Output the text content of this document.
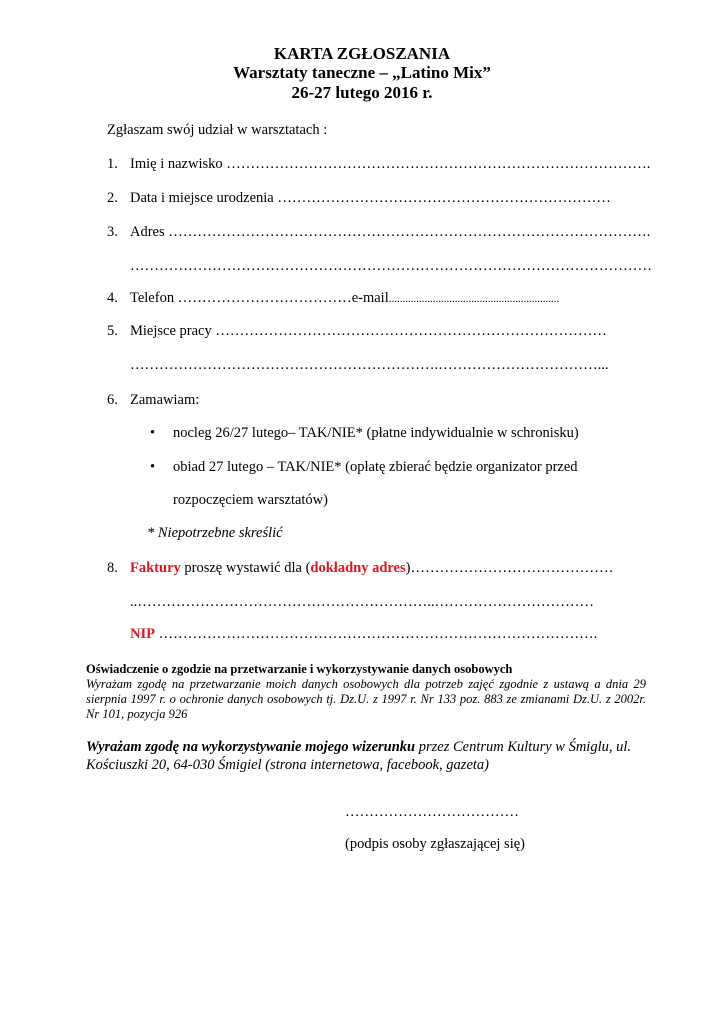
KARTA ZGŁOSZANIA
Warsztaty taneczne – „Latino Mix”
26-27 lutego 2016 r.
Zgłaszam swój udział w warsztatach :
1. Imię i nazwisko …………………………………………………………………………….
2. Data i miejsce urodzenia ……………………………………………………………
3. Adres ……………………………………………………………………………………….
………………………………………………………………………………………………
4. Telefon ………………………………e-mail..............................................................
5. Miejsce pracy ………………………………………………………………………
……………………………………………………….……………………………...
6. Zamawiam:
• nocleg 26/27 lutego– TAK/NIE* (płatne indywidualnie w schronisku)
• obiad 27 lutego – TAK/NIE* (opłatę zbierać będzie organizator przed
rozpoczęciem warsztatów)
* Niepotrzebne skreślić
8. Faktury proszę wystawić dla (dokładny adres)……………………………………
..……………………………………………………..……………………………
NIP ……………………………………………………………………………….
Oświadczenie o zgodzie na przetwarzanie i wykorzystywanie danych osobowych
Wyrażam zgodę na przetwarzanie moich danych osobowych dla potrzeb zajęć zgodnie z ustawą a dnia 29 sierpnia 1997 r. o ochronie danych osobowych tj. Dz.U. z 1997 r. Nr 133 poz. 883 ze zmianami Dz.U. z 2002r. Nr 101, pozycja 926
Wyrażam zgodę na wykorzystywanie mojego wizerunku przez Centrum Kultury w Śmiglu, ul. Kościuszki 20, 64-030 Śmigiel (strona internetowa, facebook, gazeta)
………………………………
(podpis osoby zgłaszającej się)
